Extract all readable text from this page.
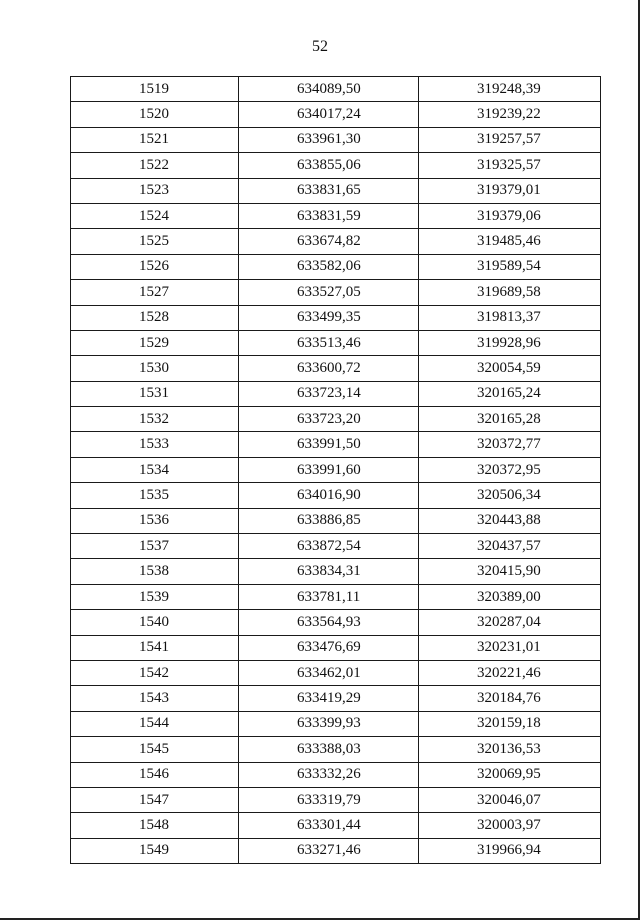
52
1519	634089,50	319248,39
1520	634017,24	319239,22
1521	633961,30	319257,57
1522	633855,06	319325,57
1523	633831,65	319379,01
1524	633831,59	319379,06
1525	633674,82	319485,46
1526	633582,06	319589,54
1527	633527,05	319689,58
1528	633499,35	319813,37
1529	633513,46	319928,96
1530	633600,72	320054,59
1531	633723,14	320165,24
1532	633723,20	320165,28
1533	633991,50	320372,77
1534	633991,60	320372,95
1535	634016,90	320506,34
1536	633886,85	320443,88
1537	633872,54	320437,57
1538	633834,31	320415,90
1539	633781,11	320389,00
1540	633564,93	320287,04
1541	633476,69	320231,01
1542	633462,01	320221,46
1543	633419,29	320184,76
1544	633399,93	320159,18
1545	633388,03	320136,53
1546	633332,26	320069,95
1547	633319,79	320046,07
1548	633301,44	320003,97
1549	633271,46	319966,94
